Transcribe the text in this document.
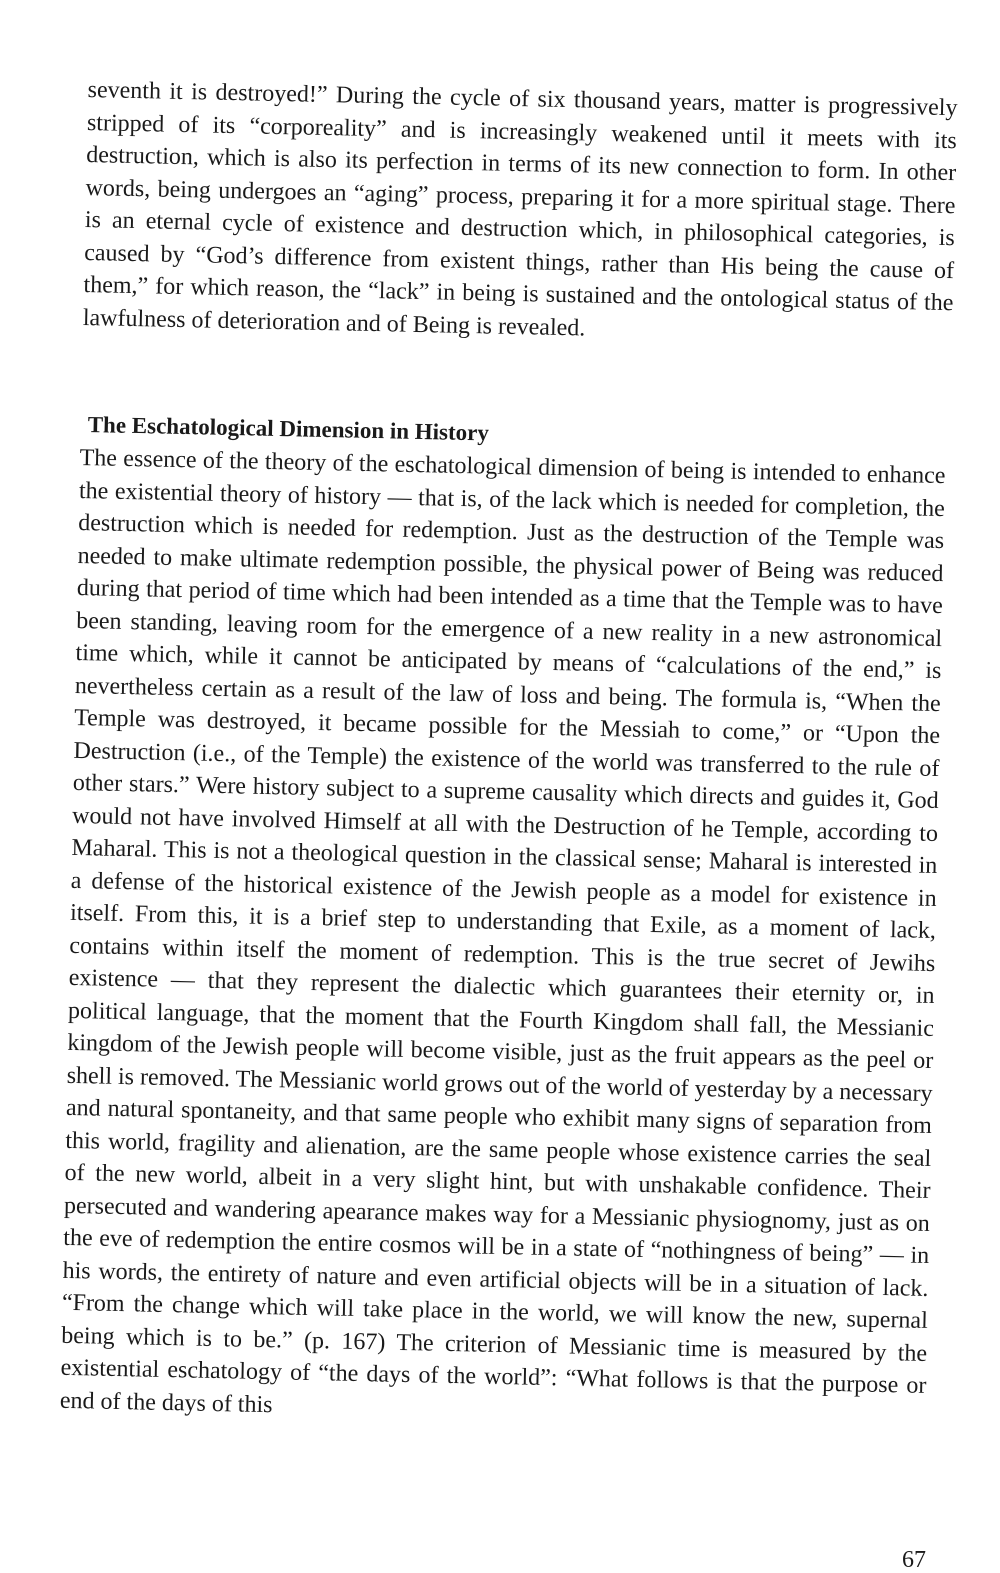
seventh it is destroyed!” During the cycle of six thousand years, matter is progressively stripped of its “corporeality” and is increasingly weakened until it meets with its destruction, which is also its perfection in terms of its new connection to form. In other words, being undergoes an “aging” process, preparing it for a more spiritual stage. There is an eternal cycle of existence and destruction which, in philosophical categories, is caused by “God’s difference from existent things, rather than His being the cause of them,” for which reason, the “lack” in being is sustained and the ontological status of the lawfulness of deterioration and of Being is revealed.

The Eschatological Dimension in History

The essence of the theory of the eschatological dimension of being is intended to enhance the existential theory of history — that is, of the lack which is needed for completion, the destruction which is needed for redemption. Just as the destruction of the Temple was needed to make ultimate redemption possible, the physical power of Being was reduced during that period of time which had been intended as a time that the Temple was to have been standing, leaving room for the emergence of a new reality in a new astronomical time which, while it cannot be anticipated by means of “calculations of the end,” is nevertheless certain as a result of the law of loss and being. The formula is, “When the Temple was destroyed, it became possible for the Messiah to come,” or “Upon the Destruction (i.e., of the Temple) the existence of the world was transferred to the rule of other stars.” Were history subject to a supreme causality which directs and guides it, God would not have involved Himself at all with the Destruction of he Temple, according to Maharal. This is not a theological question in the classical sense; Maharal is interested in a defense of the historical existence of the Jewish people as a model for existence in itself. From this, it is a brief step to understanding that Exile, as a moment of lack, contains within itself the moment of redemption. This is the true secret of Jewihs existence — that they represent the dialectic which guarantees their eternity or, in political language, that the moment that the Fourth Kingdom shall fall, the Messianic kingdom of the Jewish people will become visible, just as the fruit appears as the peel or shell is removed. The Messianic world grows out of the world of yesterday by a necessary and natural spontaneity, and that same people who exhibit many signs of separation from this world, fragility and alienation, are the same people whose existence carries the seal of the new world, albeit in a very slight hint, but with unshakable confidence. Their persecuted and wandering apearance makes way for a Messianic physiognomy, just as on the eve of redemption the entire cosmos will be in a state of “nothingness of being” — in his words, the entirety of nature and even artificial objects will be in a situation of lack. “From the change which will take place in the world, we will know the new, supernal being which is to be.” (p. 167) The criterion of Messianic time is measured by the existential eschatology of “the days of the world”: “What follows is that the purpose or end of the days of this

67
